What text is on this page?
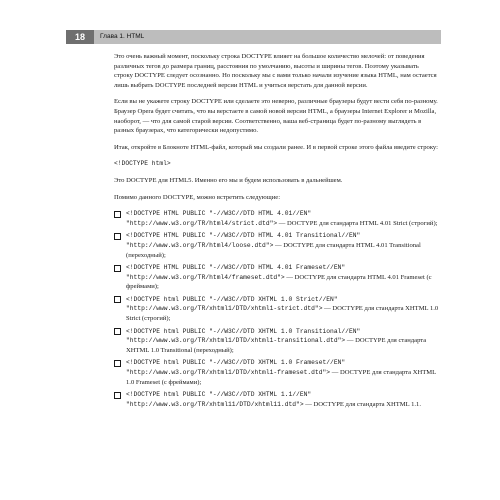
18	Глава 1. HTML

Это очень важный момент, поскольку строка DOCTYPE влияет на большое количество мелочей: от поведения различных тегов до размера границ, расстояния по умолчанию, высоты и ширины тегов. Поэтому указывать строку DOCTYPE следует осознанно. Но поскольку мы с вами только начали изучение языка HTML, нам остается лишь выбрать DOCTYPE последней версии HTML и учиться верстать для данной версии.

Если вы не укажете строку DOCTYPE или сделаете это неверно, различные браузеры будут вести себя по-разному. Браузер Opera будет считать, что вы верстаете в самой новой версии HTML, а браузеры Internet Explorer и Mozilla, наоборот, — что для самой старой версии. Соответственно, ваша веб-страница будет по-разному выглядеть в разных браузерах, что категорически недопустимо.

Итак, откройте в Блокноте HTML-файл, который мы создали ранее. И в первой строке этого файла введите строку:

<!DOCTYPE html>

Это DOCTYPE для HTML5. Именно его мы и будем использовать в дальнейшем.

Помимо данного DOCTYPE, можно встретить следующие:

<!DOCTYPE HTML PUBLIC "-//W3C//DTD HTML 4.01//EN" "http://www.w3.org/TR/html4/strict.dtd"> — DOCTYPE для стандарта HTML 4.01 Strict (строгий);
<!DOCTYPE HTML PUBLIC "-//W3C//DTD HTML 4.01 Transitional//EN" "http://www.w3.org/TR/html4/loose.dtd"> — DOCTYPE для стандарта HTML 4.01 Transitional (переходный);
<!DOCTYPE HTML PUBLIC "-//W3C//DTD HTML 4.01 Frameset//EN" "http://www.w3.org/TR/html4/frameset.dtd"> — DOCTYPE для стандарта HTML 4.01 Frameset (с фреймами);
<!DOCTYPE html PUBLIC "-//W3C//DTD XHTML 1.0 Strict//EN" "http://www.w3.org/TR/xhtml1/DTD/xhtml1-strict.dtd"> — DOCTYPE для стандарта XHTML 1.0 Strict (строгий);
<!DOCTYPE html PUBLIC "-//W3C//DTD XHTML 1.0 Transitional//EN" "http://www.w3.org/TR/xhtml1/DTD/xhtml1-transitional.dtd"> — DOCTYPE для стандарта XHTML 1.0 Transitional (переходный);
<!DOCTYPE html PUBLIC "-//W3C//DTD XHTML 1.0 Frameset//EN" "http://www.w3.org/TR/xhtml1/DTD/xhtml1-frameset.dtd"> — DOCTYPE для стандарта XHTML 1.0 Frameset (с фреймами);
<!DOCTYPE html PUBLIC "-//W3C//DTD XHTML 1.1//EN" "http://www.w3.org/TR/xhtml11/DTD/xhtml11.dtd"> — DOCTYPE для стандарта XHTML 1.1.
